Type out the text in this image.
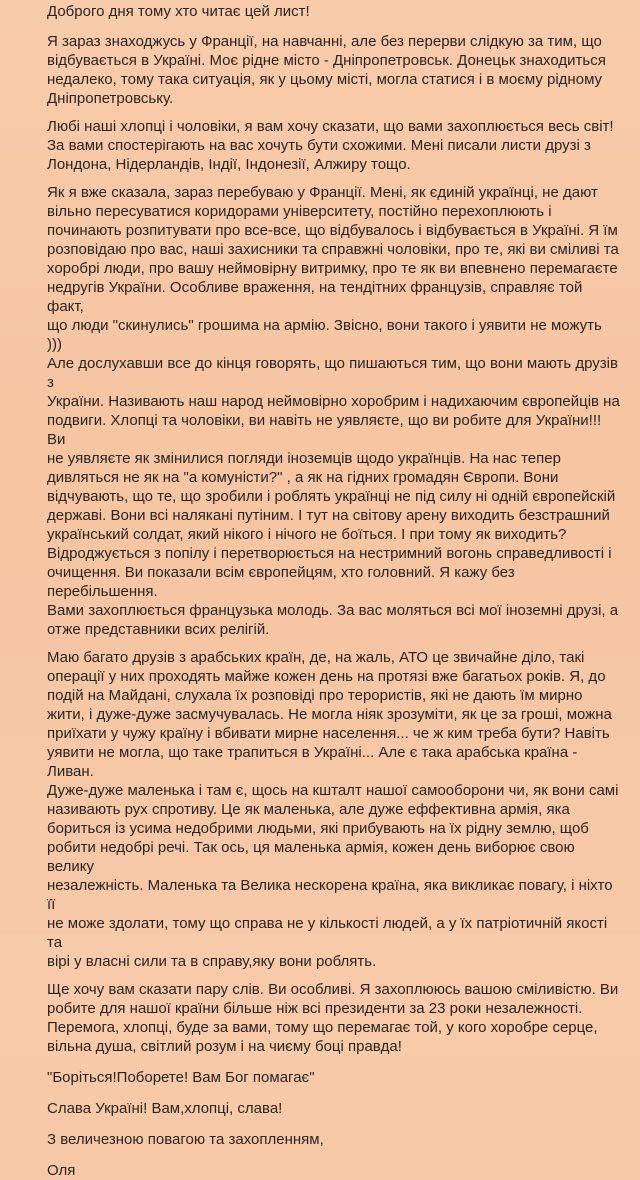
Доброго дня тому хто читає цей лист!

Я зараз знаходжусь у Франції, на навчанні, але без перерви слідкую за тим, що
відбувається в Україні. Моє рідне місто - Дніпропетровськ. Донецьк знаходиться
недалеко, тому така ситуація, як у цьому місті, могла статися і в моєму рідному
Дніпропетровську.

Любі наші хлопці і чоловіки, я вам хочу сказати, що вами захоплюється весь світ!
За вами спостерігають на вас хочуть бути схожими. Мені писали листи друзі з
Лондона, Нідерландів, Індії, Індонезії, Алжиру тощо.

Як я вже сказала, зараз перебуваю у Франції. Мені, як єдиній українці, не дают
вільно пересуватися коридорами університету, постійно перехоплюють і
починають розпитувати про все-все, що відбувалось і відбувається в Україні. Я їм
розповідаю про вас, наші захисники та справжні чоловіки, про те, які ви сміливі та
хоробрі люди, про вашу неймовірну витримку, про те як ви впевнено перемагаєте
недругів України. Особливе враження, на тендітних французів, справляє той факт,
що люди "скинулись" грошима на армію. Звісно, вони такого і уявити не можуть )))
Але дослухавши все до кінця говорять, що пишаються тим, що вони мають друзів з
України. Називають наш народ неймовірно хоробрим і надихаючим європейців на
подвиги. Хлопці та чоловіки, ви навіть не уявляєте, що ви робите для України!!! Ви
не уявляєте як змінилися погляди іноземців щодо українців. На нас тепер
дивляться не як на "а комуністи?" , а як на гідних громадян Європи. Вони
відчувають, що те, що зробили і роблять українці не під силу ні одній європейскій
державі. Вони всі налякані путіним. І тут на світову арену виходить безстрашний
український солдат, який нікого і нічого не боїться. І при тому як виходить?
Відроджується з попілу і перетворюється на нестримний вогонь справедливості і
очищення. Ви показали всім європейцям, хто головний. Я кажу без перебільшення.
Вами захоплюється французька молодь. За вас моляться всі мої іноземні друзі, а
отже представники всих релігій.

Маю багато друзів з арабських країн, де, на жаль, АТО це звичайне діло, такі
операції у них проходять майже кожен день на протязі вже багатьох років. Я, до
подій на Майдані, слухала їх розповіді про терористів, які не дають їм мирно
жити, і дуже-дуже засмучувалась. Не могла ніяк зрозуміти, як це за гроші, можна
приїхати у чужу країну і вбивати мирне населення... че ж ким треба бути? Навіть
уявити не могла, що таке трапиться в Україні... Але є така арабська країна - Ливан.
Дуже-дуже маленька і там є, щось на кшталт нашої самооборони чи, як вони самі
називають рух спротиву. Це як маленька, але дуже еффективна армія, яка
бориться із усима недобрими людьми, які прибувають на їх рідну землю, щоб
робити недобрі речі. Так ось, ця маленька армія, кожен день виборює свою велику
незалежність. Маленька та Велика нескорена країна, яка викликає повагу, і ніхто її
не може здолати, тому що справа не у кількості людей, а у їх патріотичній якості та
вірі у власні сили та в справу,яку вони роблять.

Ще хочу вам сказати пару слів. Ви особливі. Я захоплююсь вашою сміливістю. Ви
робите для нашої країни більше ніж всі президенти за 23 роки незалежності.
Перемога, хлопці, буде за вами, тому що перемагає той, у кого хоробре серце,
вільна душа, світлий розум і на чиєму боці правда!

"Боріться!Поборете! Вам Бог помагає"

Слава Україні! Вам,хлопці, слава!

З величезною повагою та захопленням,

Оля
